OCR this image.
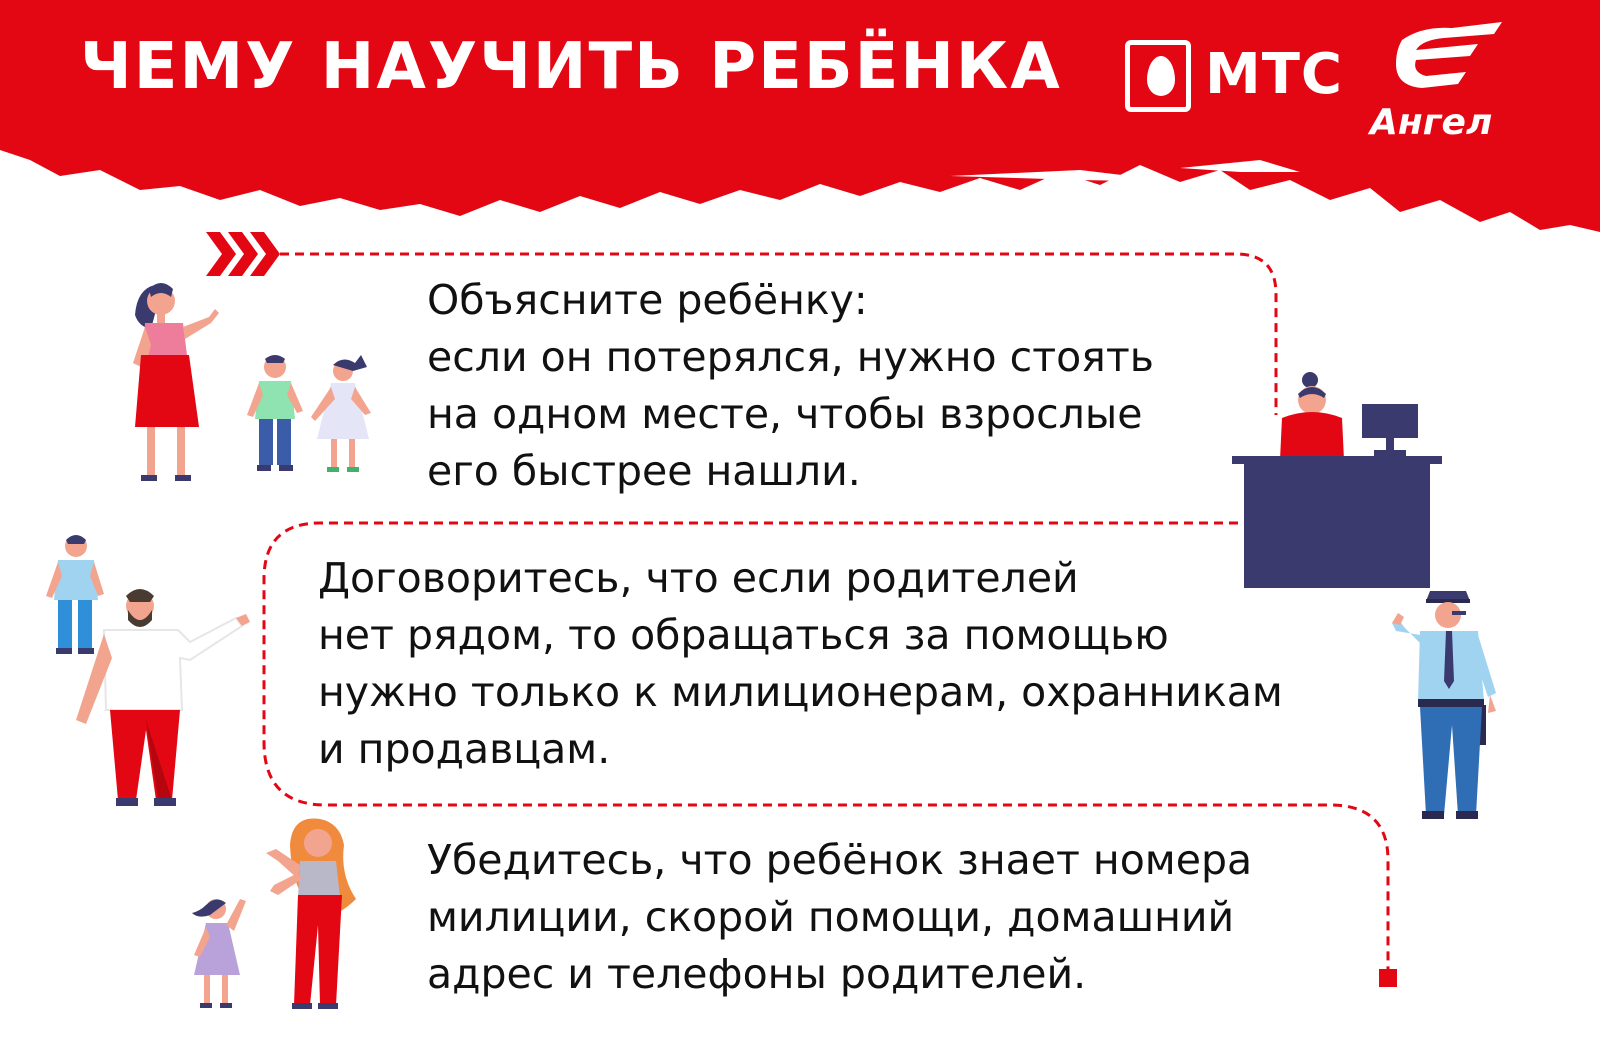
ЧЕМУ НАУЧИТЬ РЕБЁНКА	МТС
Ангел
Объясните ребёнку:
если он потерялся, нужно стоять
на одном месте, чтобы взрослые
его быстрее нашли.
Договоритесь, что если родителей
нет рядом, то обращаться за помощью
нужно только к милиционерам, охранникам
и продавцам.
Убедитесь, что ребёнок знает номера
милиции, скорой помощи, домашний
адрес и телефоны родителей.
